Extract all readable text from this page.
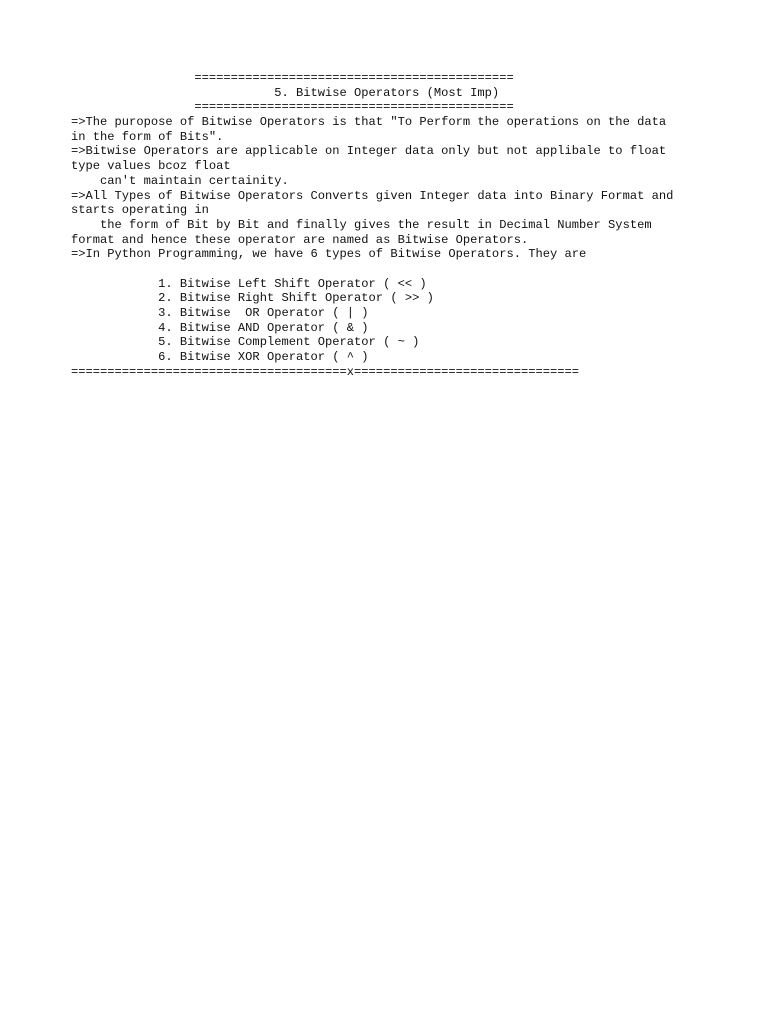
============================================
5. Bitwise Operators (Most Imp)
============================================
=>The puropose of Bitwise Operators is that "To Perform the operations on the data
in the form of Bits".
=>Bitwise Operators are applicable on Integer data only but not applibale to float
type values bcoz float
can't maintain certainity.
=>All Types of Bitwise Operators Converts given Integer data into Binary Format and
starts operating in
the form of Bit by Bit and finally gives the result in Decimal Number System
format and hence these operator are named as Bitwise Operators.
=>In Python Programming, we have 6 types of Bitwise Operators. They are
1. Bitwise Left Shift Operator ( << )
2. Bitwise Right Shift Operator ( >> )
3. Bitwise  OR Operator ( | )
4. Bitwise AND Operator ( & )
5. Bitwise Complement Operator ( ~ )
6. Bitwise XOR Operator ( ^ )
======================================x===============================
